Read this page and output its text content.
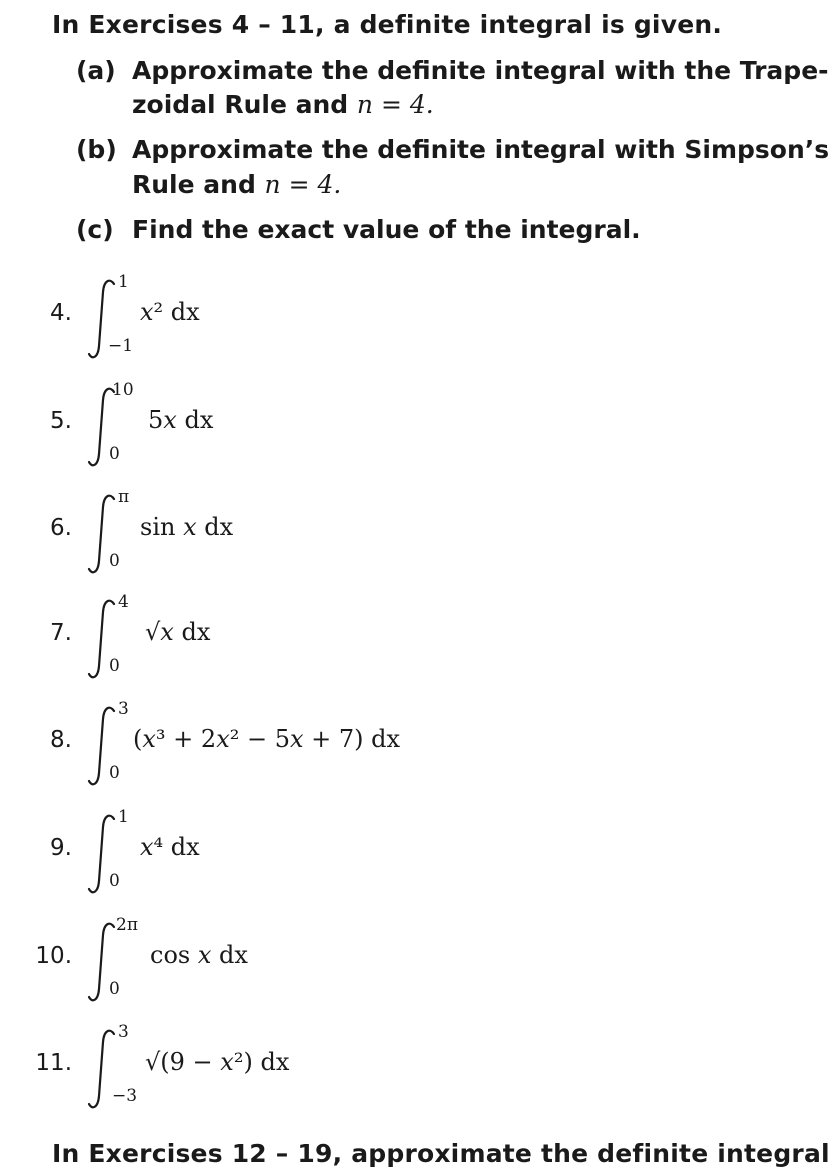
In Exercises 4 – 11, a definite integral is given.
(a) Approximate the definite integral with the Trape-
zoidal Rule and n = 4.
(b) Approximate the definite integral with Simpson’s
Rule and n = 4.
(c) Find the exact value of the integral.
4.
1
−1
x² dx
5.
10
0
5x dx
6.
π
0
sin x dx
7.
4
0
√x dx
8.
3
0
(x³ + 2x² − 5x + 7) dx
9.
1
0
x⁴ dx
10.
2π
0
cos x dx
11.
3
−3
√(9 − x²) dx
In Exercises 12 – 19, approximate the definite integral
